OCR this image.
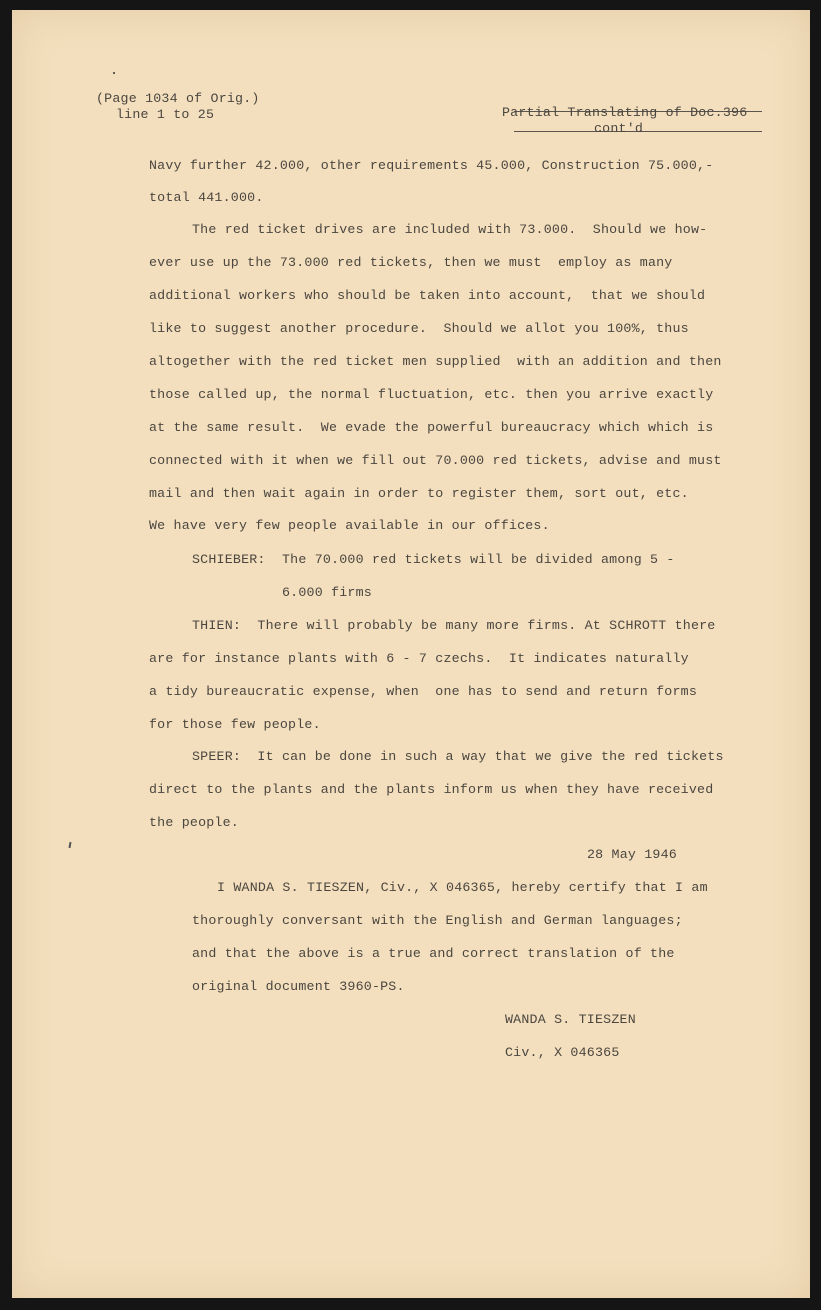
(Page 1034 of Orig.)
line 1 to 25	Partial Translating of Doc.396
cont'd
Navy further 42.000, other requirements 45.000, Construction 75.000,-
total 441.000.
The red ticket drives are included with 73.000.  Should we how-
ever use up the 73.000 red tickets, then we must  employ as many
additional workers who should be taken into account,  that we should
like to suggest another procedure.  Should we allot you 100%, thus
altogether with the red ticket men supplied  with an addition and then
those called up, the normal fluctuation, etc. then you arrive exactly
at the same result.  We evade the powerful bureaucracy which which is
connected with it when we fill out 70.000 red tickets, advise and must
mail and then wait again in order to register them, sort out, etc.
We have very few people available in our offices.
SCHIEBER:  The 70.000 red tickets will be divided among 5 -
6.000 firms
THIEN:  There will probably be many more firms. At SCHROTT there
are for instance plants with 6 - 7 czechs.  It indicates naturally
a tidy bureaucratic expense, when  one has to send and return forms
for those few people.
SPEER:  It can be done in such a way that we give the red tickets
direct to the plants and the plants inform us when they have received
the people.
28 May 1946
I WANDA S. TIESZEN, Civ., X 046365, hereby certify that I am
thoroughly conversant with the English and German languages;
and that the above is a true and correct translation of the
original document 3960-PS.
WANDA S. TIESZEN
Civ., X 046365
